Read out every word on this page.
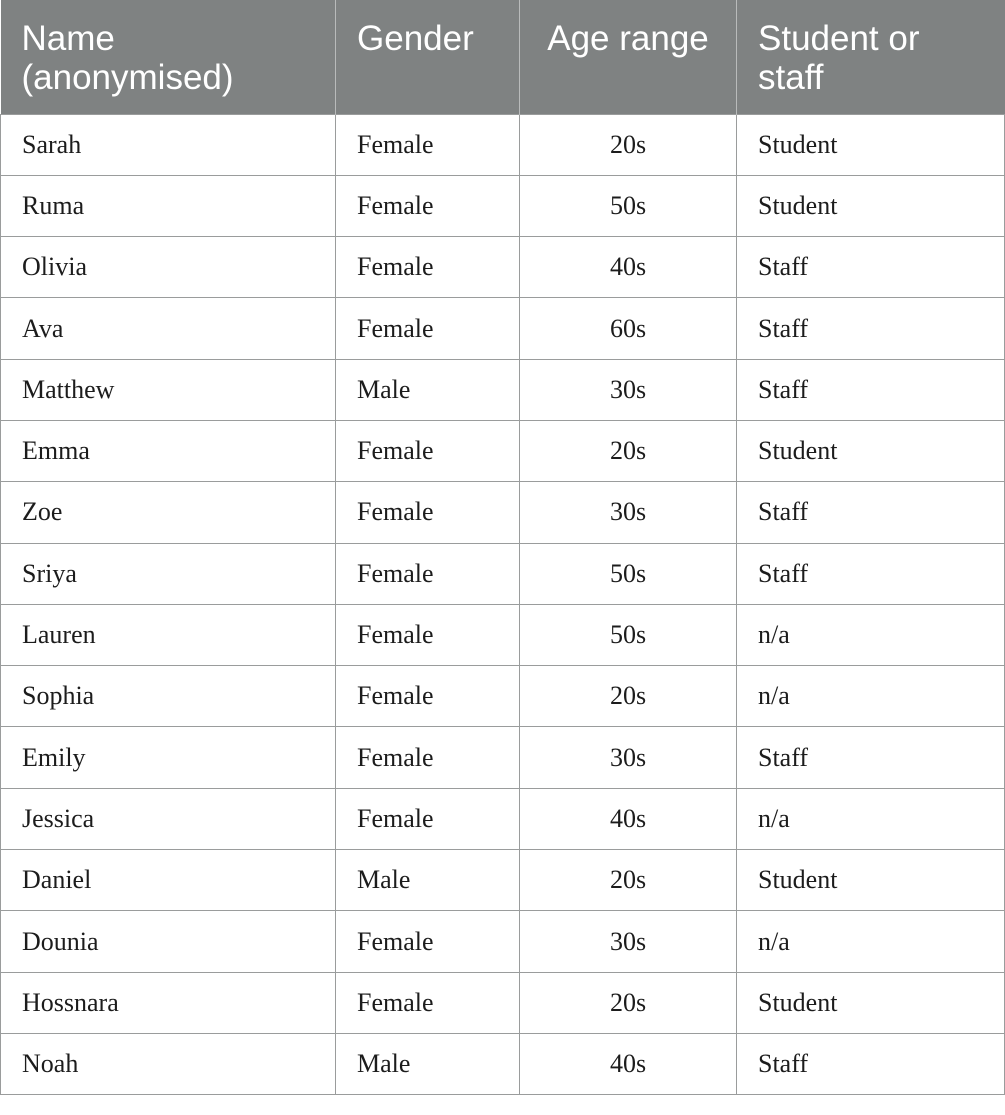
Name (anonymised)	Gender	Age range	Student or staff
Sarah	Female	20s	Student
Ruma	Female	50s	Student
Olivia	Female	40s	Staff
Ava	Female	60s	Staff
Matthew	Male	30s	Staff
Emma	Female	20s	Student
Zoe	Female	30s	Staff
Sriya	Female	50s	Staff
Lauren	Female	50s	n/a
Sophia	Female	20s	n/a
Emily	Female	30s	Staff
Jessica	Female	40s	n/a
Daniel	Male	20s	Student
Dounia	Female	30s	n/a
Hossnara	Female	20s	Student
Noah	Male	40s	Staff
